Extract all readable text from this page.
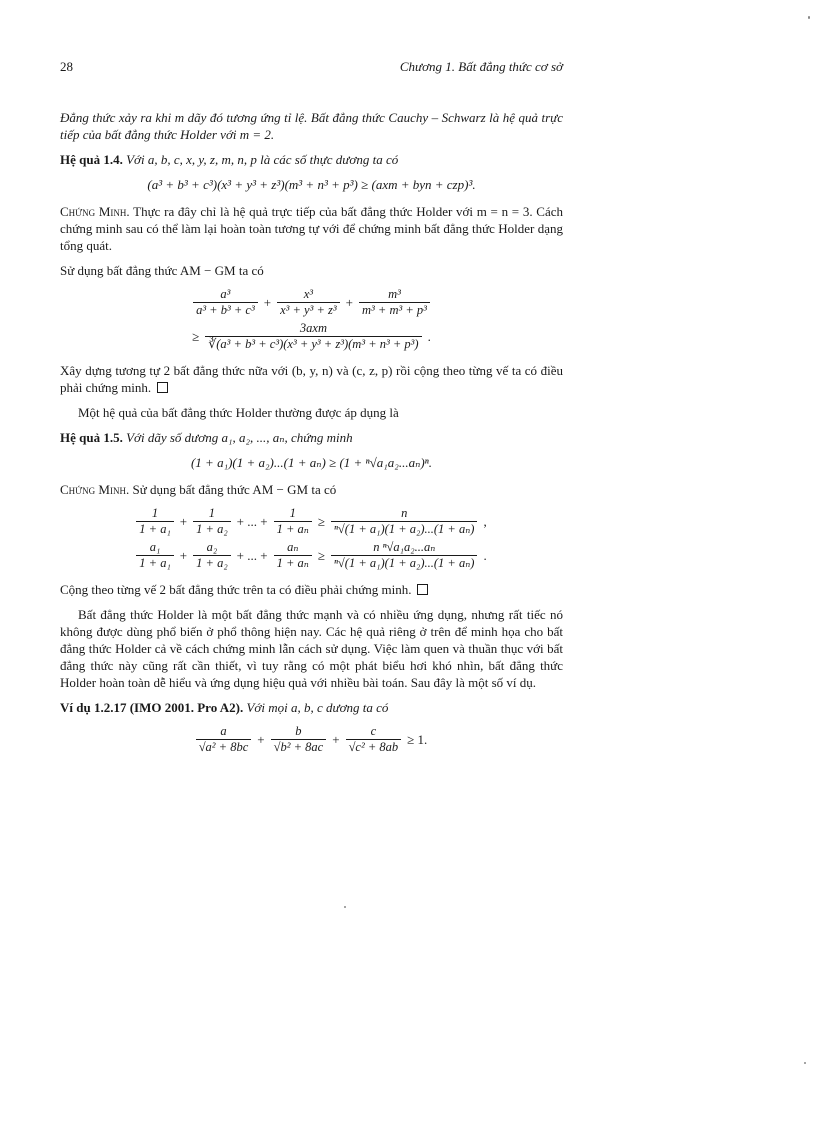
28	Chương 1. Bất đẳng thức cơ sở

Đẳng thức xảy ra khi m dãy đó tương ứng tỉ lệ. Bất đẳng thức Cauchy – Schwarz là hệ quả trực tiếp của bất đẳng thức Holder với m = 2.

Hệ quả 1.4. Với a, b, c, x, y, z, m, n, p là các số thực dương ta có

(a³ + b³ + c³)(x³ + y³ + z³)(m³ + n³ + p³) ≥ (axm + byn + czp)³.

Chứng Minh. Thực ra đây chỉ là hệ quả trực tiếp của bất đẳng thức Holder với m = n = 3. Cách chứng minh sau có thể làm lại hoàn toàn tương tự với để chứng minh bất đẳng thức Holder dạng tổng quát.

Sử dụng bất đẳng thức AM − GM ta có

$\frac{\text{a³}}{\text{a³ + b³ + c³}} + \frac{\text{x³}}{\text{x³ + y³ + z³}} + \frac{\text{m³}}{\text{m³ + m³ + p³}}$
≥ $\frac{\text{3axm}}{\text{∛(a³ + b³ + c³)(x³ + y³ + z³)(m³ + n³ + p³)}}$ .

Xây dựng tương tự 2 bất đẳng thức nữa với (b, y, n) và (c, z, p) rồi cộng theo từng vế ta có điều phải chứng minh.

Một hệ quả của bất đẳng thức Holder thường được áp dụng là

Hệ quả 1.5. Với dãy số dương a₁, a₂, ..., aₙ, chứng minh

(1 + a₁)(1 + a₂)...(1 + aₙ) ≥ (1 + ⁿ√a₁a₂...aₙ)ⁿ.

Chứng Minh. Sử dụng bất đẳng thức AM − GM ta có

$\frac{1}{\text{1 + a₁}} + \frac{1}{\text{1 + a₂}}$ + ... + $\frac{1}{\text{1 + aₙ}} \ge \frac{n}{\text{ⁿ√(1 + a₁)(1 + a₂)...(1 + aₙ)}}$ ,
$\frac{\text{a₁}}{\text{1 + a₁}} + \frac{\text{a₂}}{\text{1 + a₂}}$ + ... + $\frac{\text{aₙ}}{\text{1 + aₙ}} \ge \frac{\text{n ⁿ√a₁a₂...aₙ}}{\text{ⁿ√(1 + a₁)(1 + a₂)...(1 + aₙ)}}$ .

Cộng theo từng vế 2 bất đẳng thức trên ta có điều phải chứng minh.

Bất đẳng thức Holder là một bất đẳng thức mạnh và có nhiều ứng dụng, nhưng rất tiếc nó không được dùng phổ biến ở phổ thông hiện nay. Các hệ quả riêng ở trên để minh họa cho bất đẳng thức Holder cả về cách chứng minh lẫn cách sử dụng. Việc làm quen và thuần thục với bất đẳng thức này cũng rất cần thiết, vì tuy rằng có một phát biểu hơi khó nhìn, bất đẳng thức Holder hoàn toàn dễ hiểu và ứng dụng hiệu quả với nhiều bài toán. Sau đây là một số ví dụ.

Ví dụ 1.2.17 (IMO 2001. Pro A2). Với mọi a, b, c dương ta có

$\frac{a}{\text{√a² + 8bc}} + \frac{b}{\text{√b² + 8ac}} + \frac{c}{\text{√c² + 8ab}} \ge 1$.
